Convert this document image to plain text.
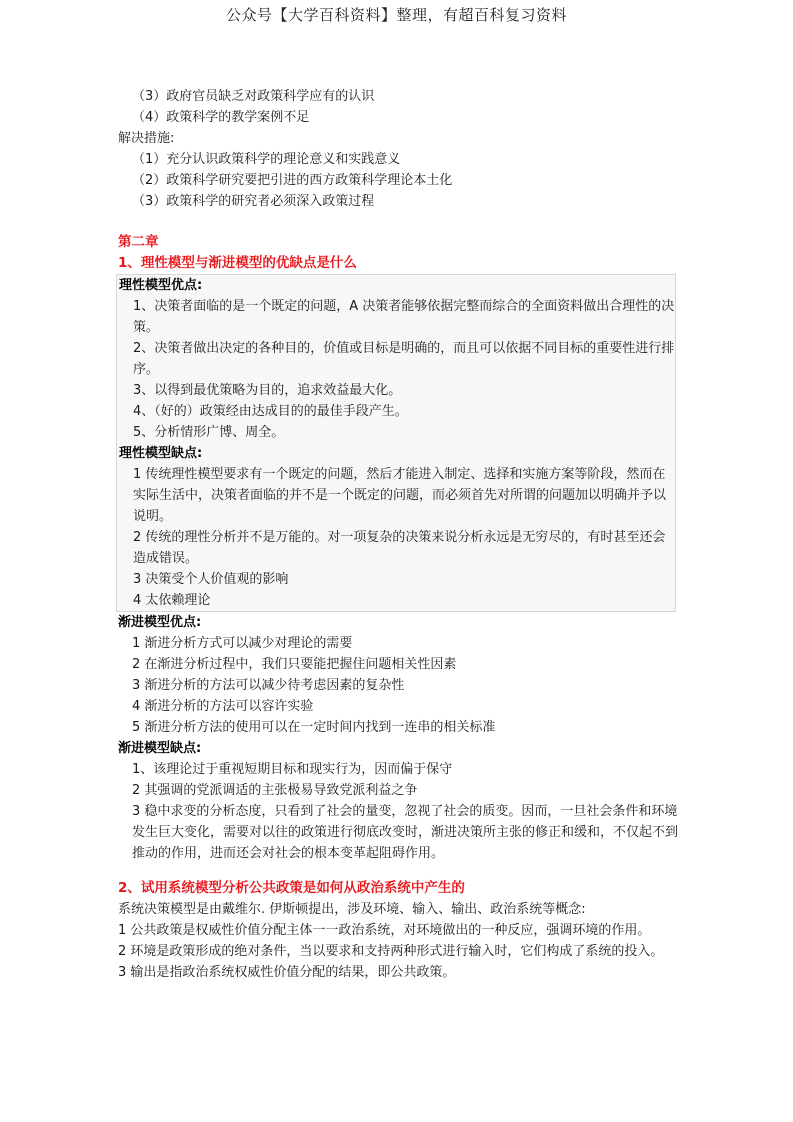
公众号【大学百科资料】整理，有超百科复习资料
（3）政府官员缺乏对政策科学应有的认识
（4）政策科学的教学案例不足
解决措施:
（1）充分认识政策科学的理论意义和实践意义
（2）政策科学研究要把引进的西方政策科学理论本土化
（3）政策科学的研究者必须深入政策过程
第二章
1、理性模型与渐进模型的优缺点是什么
理性模型优点:
1、决策者面临的是一个既定的问题，A 决策者能够依据完整而综合的全面资料做出合理性的决策。
2、决策者做出决定的各种目的，价值或目标是明确的，而且可以依据不同目标的重要性进行排序。
3、以得到最优策略为目的，追求效益最大化。
4、（好的）政策经由达成目的的最佳手段产生。
5、分析情形广博、周全。
理性模型缺点:
1 传统理性模型要求有一个既定的问题，然后才能进入制定、选择和实施方案等阶段，然而在实际生活中，决策者面临的并不是一个既定的问题，而必须首先对所谓的问题加以明确并予以说明。
2 传统的理性分析并不是万能的。对一项复杂的决策来说分析永远是无穷尽的，有时甚至还会造成错误。
3 决策受个人价值观的影响
4 太依赖理论
渐进模型优点:
1 渐进分析方式可以减少对理论的需要
2 在渐进分析过程中，我们只要能把握住问题相关性因素
3 渐进分析的方法可以减少待考虑因素的复杂性
4 渐进分析的方法可以容许实验
5 渐进分析方法的使用可以在一定时间内找到一连串的相关标准
渐进模型缺点:
1、该理论过于重视短期目标和现实行为，因而偏于保守
2 其强调的党派调适的主张极易导致党派利益之争
3 稳中求变的分析态度，只看到了社会的量变，忽视了社会的质变。因而，一旦社会条件和环境发生巨大变化，需要对以往的政策进行彻底改变时，渐进决策所主张的修正和缓和，不仅起不到推动的作用，进而还会对社会的根本变革起阻碍作用。
2、试用系统模型分析公共政策是如何从政治系统中产生的
系统决策模型是由戴维尔. 伊斯顿提出，涉及环境、输入、输出、政治系统等概念:
1 公共政策是权威性价值分配主体一一政治系统，对环境做出的一种反应，强调环境的作用。
2 环境是政策形成的绝对条件，当以要求和支持两种形式进行输入时，它们构成了系统的投入。
3 输出是指政治系统权威性价值分配的结果，即公共政策。
